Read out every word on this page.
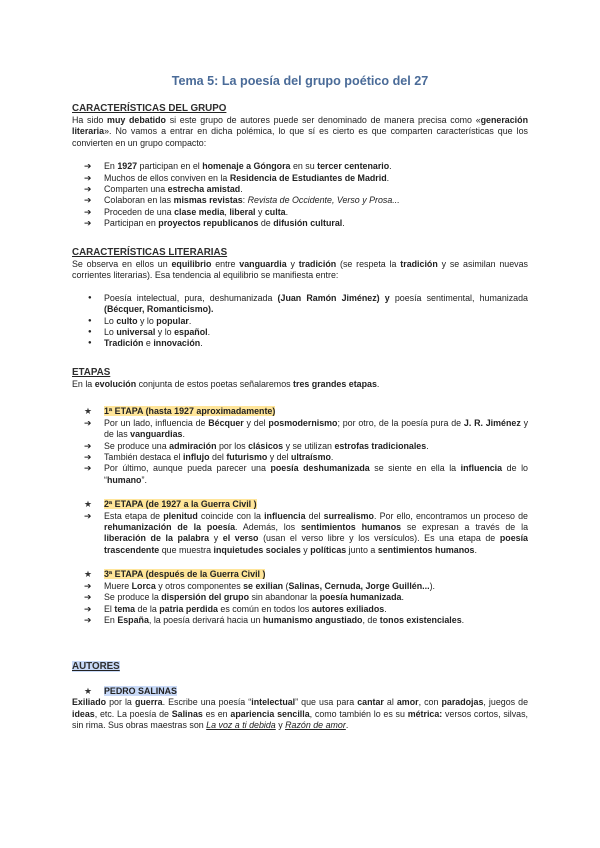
Tema 5: La poesía del grupo poético del 27
CARACTERÍSTICAS DEL GRUPO
Ha sido muy debatido si este grupo de autores puede ser denominado de manera precisa como «generación literaria». No vamos a entrar en dicha polémica, lo que sí es cierto es que comparten características que los convierten en un grupo compacto:
➔ En 1927 participan en el homenaje a Góngora en su tercer centenario.
➔ Muchos de ellos conviven en la Residencia de Estudiantes de Madrid.
➔ Comparten una estrecha amistad.
➔ Colaboran en las mismas revistas: Revista de Occidente, Verso y Prosa...
➔ Proceden de una clase media, liberal y culta.
➔ Participan en proyectos republicanos de difusión cultural.
CARACTERÍSTICAS LITERARIAS
Se observa en ellos un equilibrio entre vanguardia y tradición (se respeta la tradición y se asimilan nuevas corrientes literarias). Esa tendencia al equilibrio se manifiesta entre:
● Poesía intelectual, pura, deshumanizada (Juan Ramón Jiménez) y poesía sentimental, humanizada (Bécquer, Romanticismo).
● Lo culto y lo popular.
● Lo universal y lo español.
● Tradición e innovación.
ETAPAS
En la evolución conjunta de estos poetas señalaremos tres grandes etapas.
★ 1ª ETAPA (hasta 1927 aproximadamente)
➔ Por un lado, influencia de Bécquer y del posmodernismo; por otro, de la poesía pura de J. R. Jiménez y de las vanguardias.
➔ Se produce una admiración por los clásicos y se utilizan estrofas tradicionales.
➔ También destaca el influjo del futurismo y del ultraísmo.
➔ Por último, aunque pueda parecer una poesía deshumanizada se siente en ella la influencia de lo “humano”.
★ 2ª ETAPA (de 1927 a la Guerra Civil )
➔ Esta etapa de plenitud coincide con la influencia del surrealismo. Por ello, encontramos un proceso de rehumanización de la poesía. Además, los sentimientos humanos se expresan a través de la liberación de la palabra y el verso (usan el verso libre y los versículos). Es una etapa de poesía trascendente que muestra inquietudes sociales y políticas junto a sentimientos humanos.
★ 3ª ETAPA (después de la Guerra Civil )
➔ Muere Lorca y otros componentes se exilian (Salinas, Cernuda, Jorge Guillén...).
➔ Se produce la dispersión del grupo sin abandonar la poesía humanizada.
➔ El tema de la patria perdida es común en todos los autores exiliados.
➔ En España, la poesía derivará hacia un humanismo angustiado, de tonos existenciales.
AUTORES
★ PEDRO SALINAS
Exiliado por la guerra. Escribe una poesía “intelectual” que usa para cantar al amor, con paradojas, juegos de ideas, etc. La poesía de Salinas es en apariencia sencilla, como también lo es su métrica: versos cortos, silvas, sin rima. Sus obras maestras son La voz a ti debida y Razón de amor.
